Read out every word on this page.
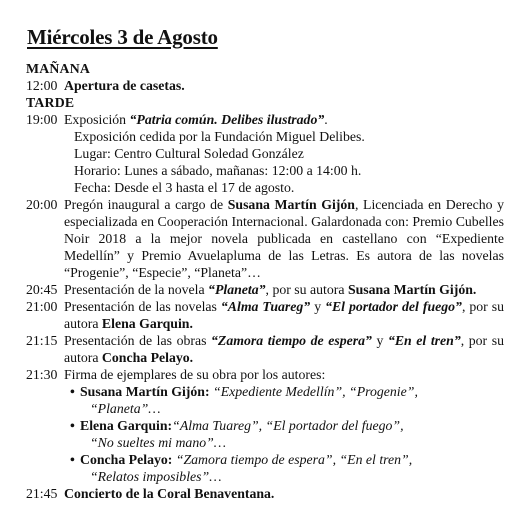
Miércoles 3 de Agosto
MAÑANA
12:00 Apertura de casetas.
TARDE
19:00 Exposición “Patria común. Delibes ilustrado”.
Exposición cedida por la Fundación Miguel Delibes.
Lugar: Centro Cultural Soledad González
Horario: Lunes a sábado, mañanas: 12:00 a 14:00 h.
Fecha: Desde el 3 hasta el 17 de agosto.
20:00 Pregón inaugural a cargo de Susana Martín Gijón, Licenciada en Derecho y especializada en Cooperación Internacional. Galardonada con: Premio Cubelles Noir 2018 a la mejor novela publicada en castellano con “Expediente Medellín” y Premio Avuelapluma de las Letras. Es autora de las novelas “Progenie”, “Especie”, “Planeta”…
20:45 Presentación de la novela “Planeta”, por su autora Susana Martín Gijón.
21:00 Presentación de las novelas “Alma Tuareg” y “El portador del fuego”, por su autora Elena Garquin.
21:15 Presentación de las obras “Zamora tiempo de espera” y “En el tren”, por su autora Concha Pelayo.
21:30 Firma de ejemplares de su obra por los autores:
• Susana Martín Gijón: “Expediente Medellín”, “Progenie”,
“Planeta”…
• Elena Garquin:“Alma Tuareg”, “El portador del fuego”,
“No sueltes mi mano”…
• Concha Pelayo: “Zamora tiempo de espera”, “En el tren”,
“Relatos imposibles”…
21:45 Concierto de la Coral Benaventana.
